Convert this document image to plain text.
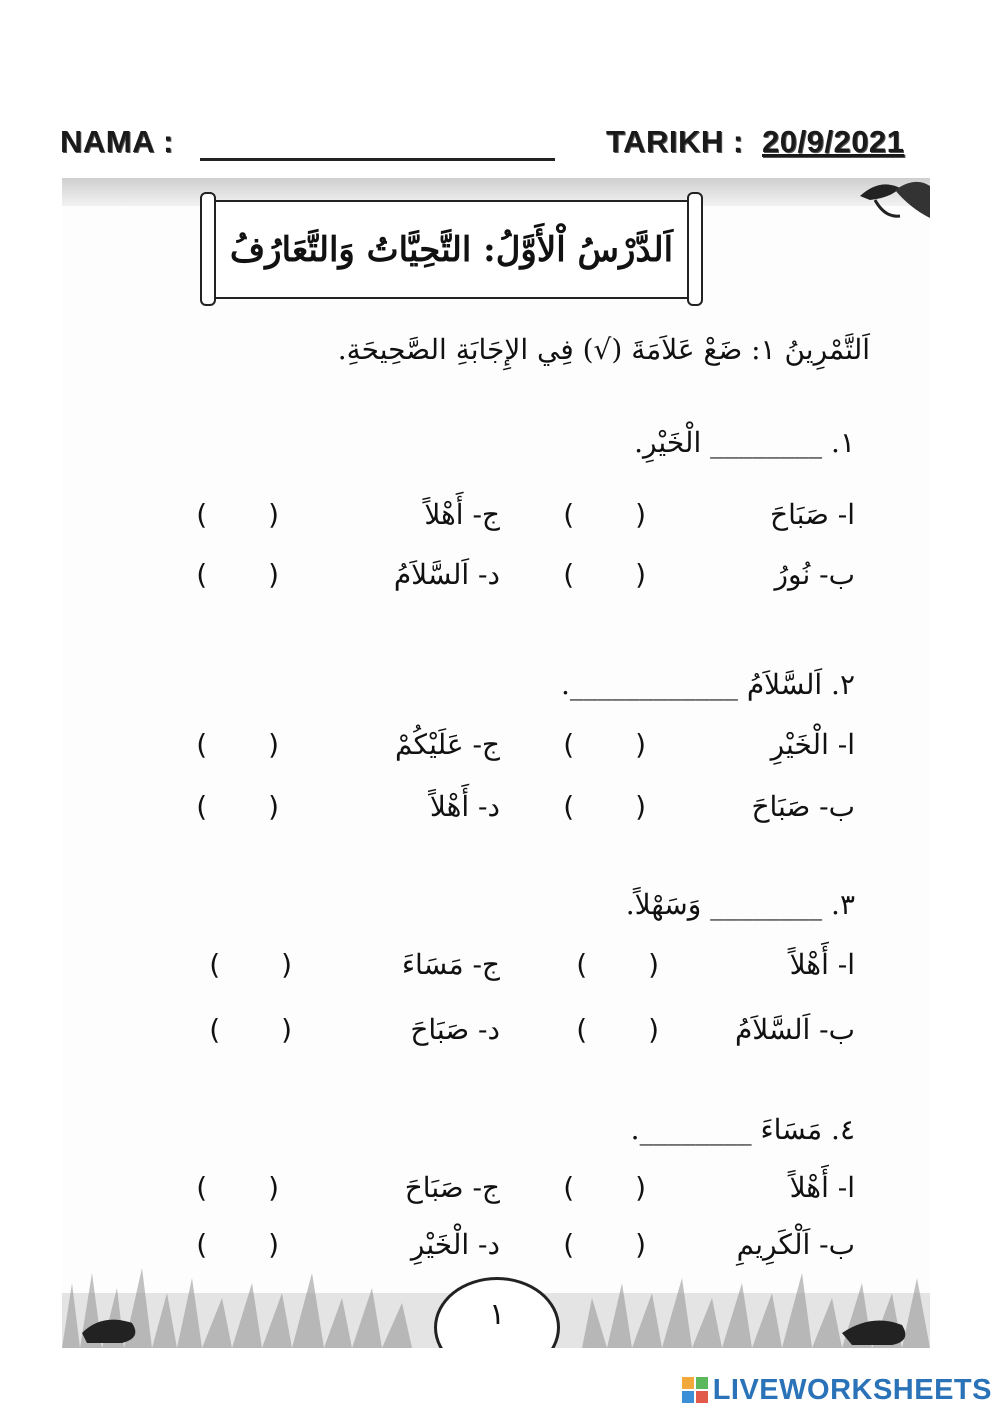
NAMA :	TARIKH : 20/9/2021
اَلدَّرْسُ اْلأَوَّلُ: التَّحِيَّاتُ وَالتَّعَارُفُ
اَلتَّمْرِينُ ١: ضَعْ عَلاَمَةَ (√) فِي الإِجَابَةِ الصَّحِيحَةِ.
١. ________ الْخَيْرِ.
ا- صَبَاحَ
( )
ج- أَهْلاً
( )
ب- نُورُ
( )
د- اَلسَّلاَمُ
( )
٢. اَلسَّلاَمُ ____________.
ا- الْخَيْرِ
( )
ج- عَلَيْكُمْ
( )
ب- صَبَاحَ
( )
د- أَهْلاً
( )
٣. ________ وَسَهْلاً.
ا- أَهْلاً
( )
ج- مَسَاءَ
( )
ب- اَلسَّلاَمُ
( )
د- صَبَاحَ
( )
٤. مَسَاءَ ________.
ا- أَهْلاً
( )
ج- صَبَاحَ
( )
ب- اَلْكَرِيمِ
( )
د- الْخَيْرِ
( )
١
LIVEWORKSHEETS
